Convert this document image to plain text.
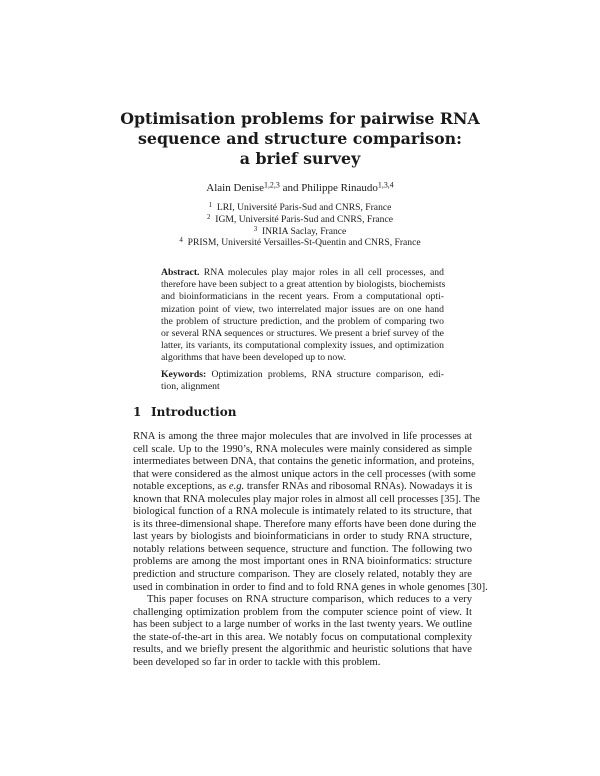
Optimisation problems for pairwise RNA
sequence and structure comparison:
a brief survey
Alain Denise$^{1,2,3}$ and Philippe Rinaudo$^{1,3,4}$
$^1$ LRI, Université Paris-Sud and CNRS, France
$^2$ IGM, Université Paris-Sud and CNRS, France
$^3$ INRIA Saclay, France
$^4$ PRISM, Université Versailles-St-Quentin and CNRS, France
Abstract. RNA molecules play major roles in all cell processes, and
therefore have been subject to a great attention by biologists, biochemists
and bioinformaticians in the recent years. From a computational opti-
mization point of view, two interrelated major issues are on one hand
the problem of structure prediction, and the problem of comparing two
or several RNA sequences or structures. We present a brief survey of the
latter, its variants, its computational complexity issues, and optimization
algorithms that have been developed up to now.
Keywords: Optimization problems, RNA structure comparison, edi-
tion, alignment
1 Introduction
RNA is among the three major molecules that are involved in life processes at
cell scale. Up to the 1990’s, RNA molecules were mainly considered as simple
intermediates between DNA, that contains the genetic information, and proteins,
that were considered as the almost unique actors in the cell processes (with some
notable exceptions, as e.g. transfer RNAs and ribosomal RNAs). Nowadays it is
known that RNA molecules play major roles in almost all cell processes [35]. The
biological function of a RNA molecule is intimately related to its structure, that
is its three-dimensional shape. Therefore many efforts have been done during the
last years by biologists and bioinformaticians in order to study RNA structure,
notably relations between sequence, structure and function. The following two
problems are among the most important ones in RNA bioinformatics: structure
prediction and structure comparison. They are closely related, notably they are
used in combination in order to find and to fold RNA genes in whole genomes [30].
This paper focuses on RNA structure comparison, which reduces to a very
challenging optimization problem from the computer science point of view. It
has been subject to a large number of works in the last twenty years. We outline
the state-of-the-art in this area. We notably focus on computational complexity
results, and we briefly present the algorithmic and heuristic solutions that have
been developed so far in order to tackle with this problem.
